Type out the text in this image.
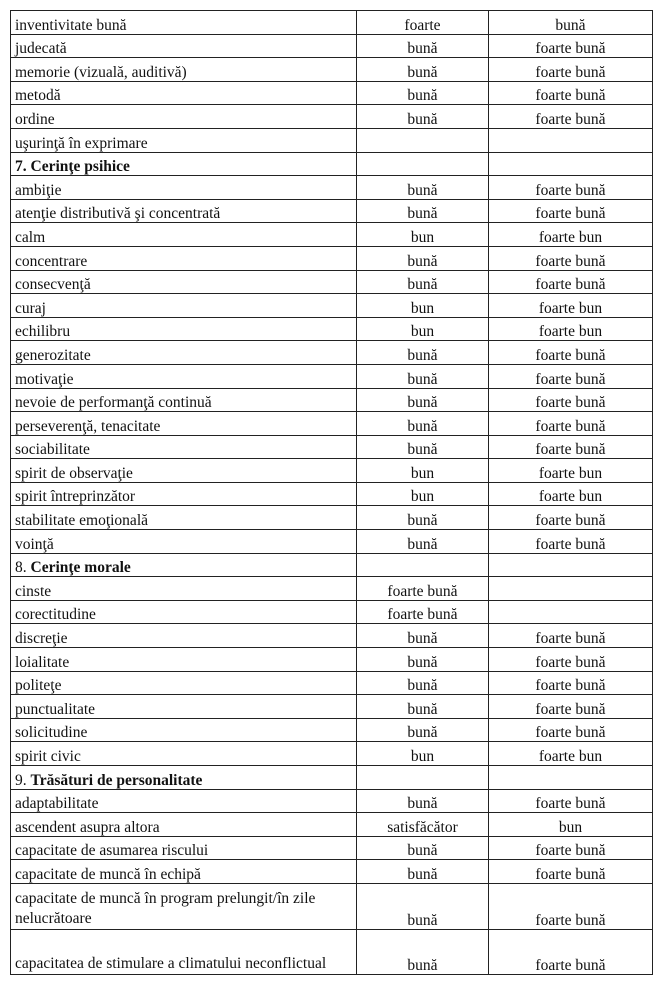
inventivitate bună	foarte	bună
judecată	bună	foarte bună
memorie (vizuală, auditivă)	bună	foarte bună
metodă	bună	foarte bună
ordine	bună	foarte bună
uşurinţă în exprimare		
7. Cerinţe psihice		
ambiţie	bună	foarte bună
atenţie distributivă şi concentrată	bună	foarte bună
calm	bun	foarte bun
concentrare	bună	foarte bună
consecvenţă	bună	foarte bună
curaj	bun	foarte bun
echilibru	bun	foarte bun
generozitate	bună	foarte bună
motivaţie	bună	foarte bună
nevoie de performanţă continuă	bună	foarte bună
perseverenţă, tenacitate	bună	foarte bună
sociabilitate	bună	foarte bună
spirit de observaţie	bun	foarte bun
spirit întreprinzător	bun	foarte bun
stabilitate emoţională	bună	foarte bună
voinţă	bună	foarte bună
8. Cerinţe morale		
cinste	foarte bună	
corectitudine	foarte bună	
discreţie	bună	foarte bună
loialitate	bună	foarte bună
politeţe	bună	foarte bună
punctualitate	bună	foarte bună
solicitudine	bună	foarte bună
spirit civic	bun	foarte bun
9. Trăsături de personalitate		
adaptabilitate	bună	foarte bună
ascendent asupra altora	satisfăcător	bun
capacitate de asumarea riscului	bună	foarte bună
capacitate de muncă în echipă	bună	foarte bună
capacitate de muncă în program prelungit/în zile nelucrătoare	bună	foarte bună
capacitatea de stimulare a climatului neconflictual	bună	foarte bună
